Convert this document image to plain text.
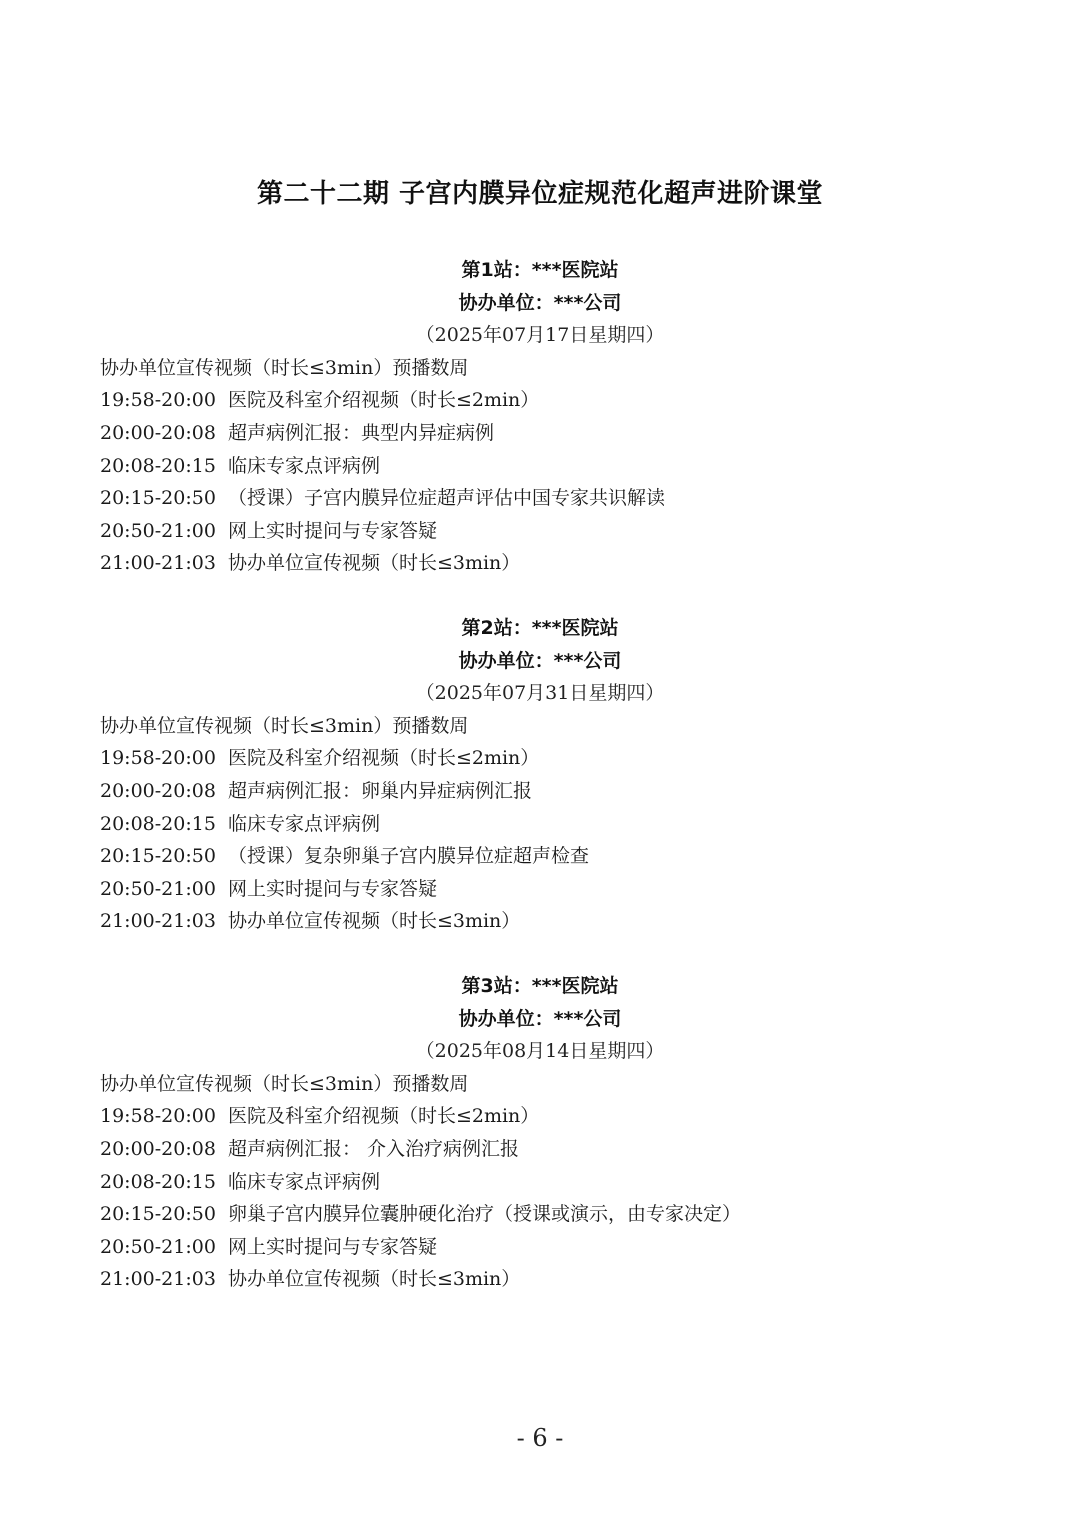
第二十二期 子宫内膜异位症规范化超声进阶课堂
第1站：***医院站
协办单位：***公司
（2025年07月17日星期四）
协办单位宣传视频（时长≤3min）预播数周
19:58-20:00 医院及科室介绍视频（时长≤2min）
20:00-20:08 超声病例汇报：典型内异症病例
20:08-20:15 临床专家点评病例
20:15-20:50 （授课）子宫内膜异位症超声评估中国专家共识解读
20:50-21:00 网上实时提问与专家答疑
21:00-21:03 协办单位宣传视频（时长≤3min）
第2站：***医院站
协办单位：***公司
（2025年07月31日星期四）
协办单位宣传视频（时长≤3min）预播数周
19:58-20:00 医院及科室介绍视频（时长≤2min）
20:00-20:08 超声病例汇报：卵巢内异症病例汇报
20:08-20:15 临床专家点评病例
20:15-20:50 （授课）复杂卵巢子宫内膜异位症超声检查
20:50-21:00 网上实时提问与专家答疑
21:00-21:03 协办单位宣传视频（时长≤3min）
第3站：***医院站
协办单位：***公司
（2025年08月14日星期四）
协办单位宣传视频（时长≤3min）预播数周
19:58-20:00 医院及科室介绍视频（时长≤2min）
20:00-20:08 超声病例汇报： 介入治疗病例汇报
20:08-20:15 临床专家点评病例
20:15-20:50 卵巢子宫内膜异位囊肿硬化治疗（授课或演示，由专家决定）
20:50-21:00 网上实时提问与专家答疑
21:00-21:03 协办单位宣传视频（时长≤3min）
- 6 -
